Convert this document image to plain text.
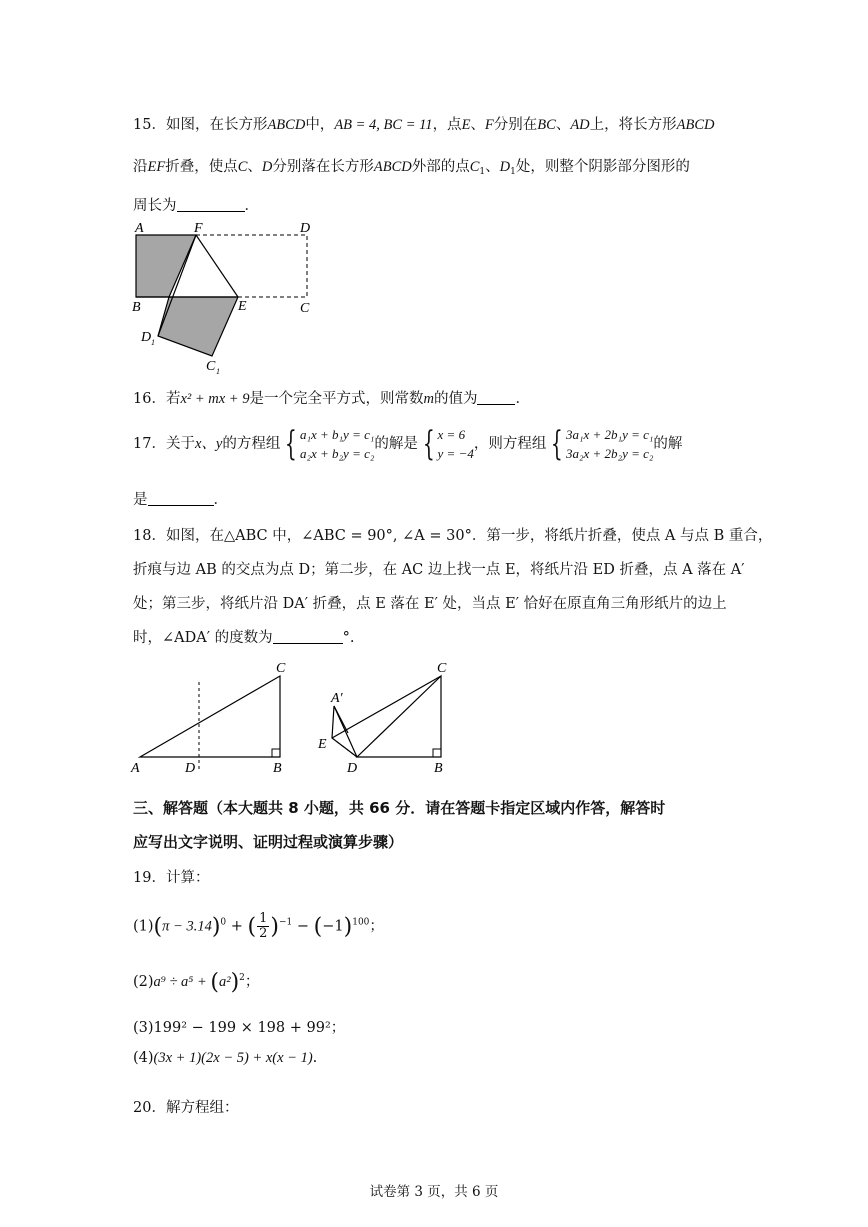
15．如图，在长方形ABCD中，AB = 4, BC = 11，点E、F分别在BC、AD上，将长方形ABCD
沿EF折叠，使点C、D分别落在长方形ABCD外部的点$C_1$、$D_1$处，则整个阴影部分图形的
周长为	．
A	F	D
B	E	C
D 1
C 1
16．若x² + mx + 9是一个完全平方式，则常数m的值为	．
17．关于x、y的方程组 { a₁x + b₁y = c₁
a₂x + b₂y = c₂
的解是 { x = 6
y = −4
，则方程组 { 3a₁x + 2b₁y = c₁
3a₂x + 2b₂y = c₂
的解
是	．
18．如图，在△ABC 中，∠ABC = 90°, ∠A = 30°．第一步，将纸片折叠，使点 A 与点 B 重合，
折痕与边 AB 的交点为点 D；第二步，在 AC 边上找一点 E，将纸片沿 ED 折叠，点 A 落在 A′
处；第三步，将纸片沿 DA′ 折叠，点 E 落在 E′ 处，当点 E′ 恰好在原直角三角形纸片的边上
时，∠ADA′ 的度数为	°.
A	D	B
C
A′
E
D	B
C
三、解答题（本大题共 8 小题，共 66 分．请在答题卡指定区域内作答，解答时
应写出文字说明、证明过程或演算步骤）
19．计算：
$(1)(\pi - 3.14)^0$ + ( $\frac{1}{2} )^{-1} - (-1)^{100}$；
$(2)a^9 \div a^5 + (a^2)^2$；
(3)199² − 199 × 198 + 99²；
(4)(3x + 1)(2x − 5) + x(x − 1).
20．解方程组：
试卷第 3 页，共 6 页
